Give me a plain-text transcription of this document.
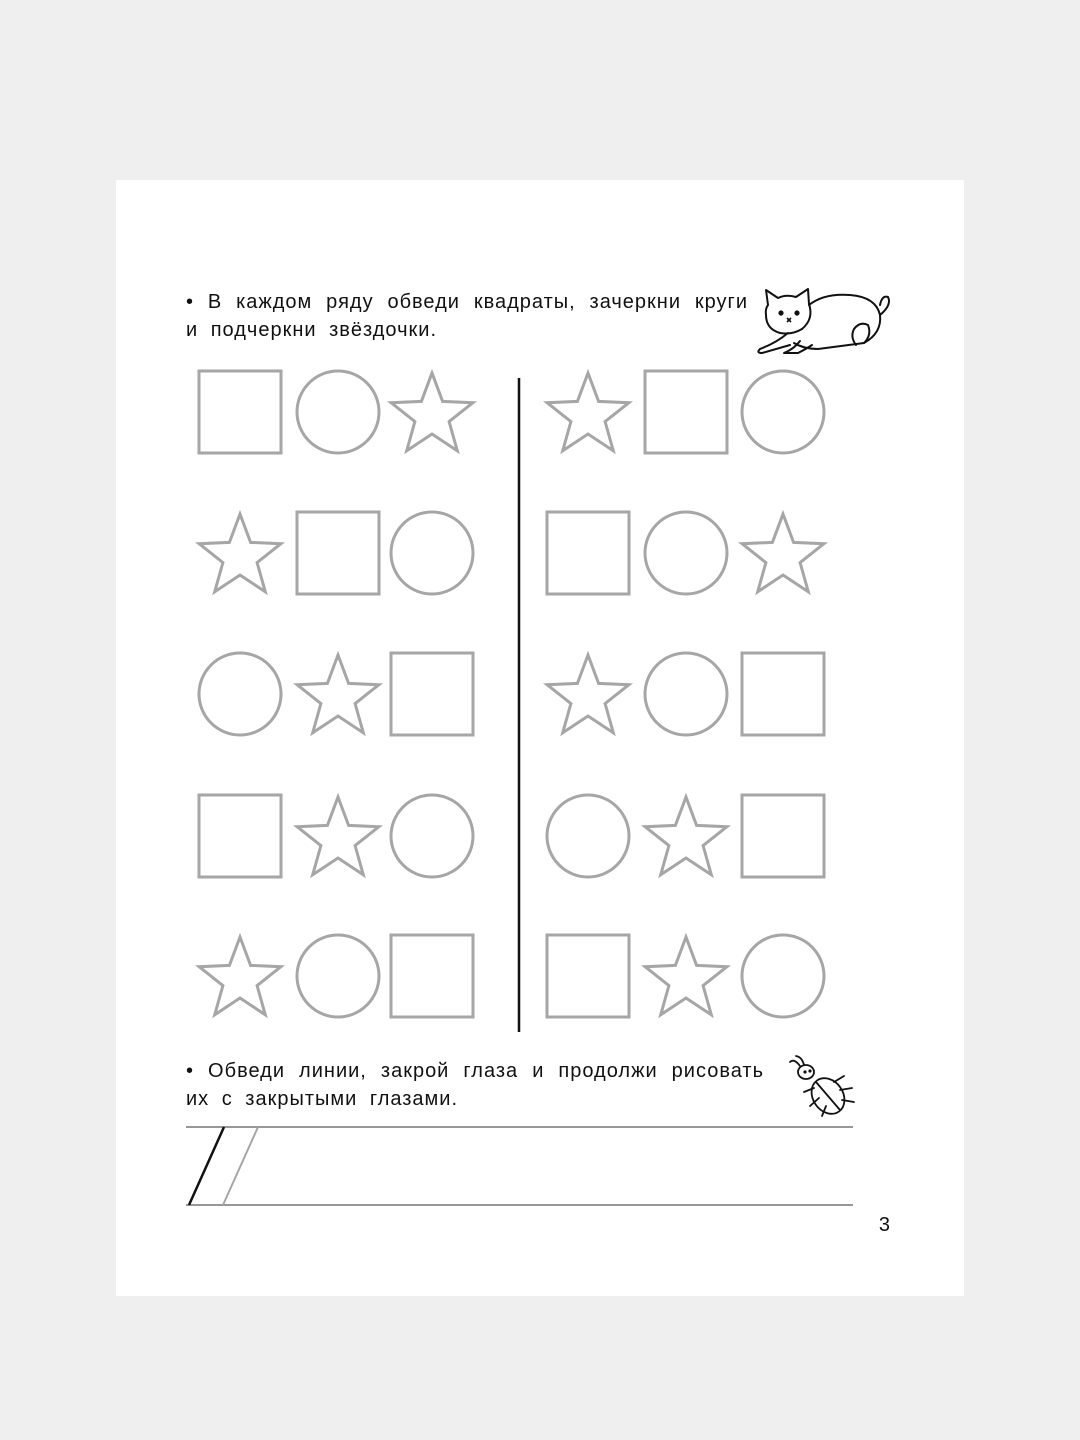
• В каждом ряду обведи квадраты, зачеркни круги и подчеркни звёздочки.

• Обведи линии, закрой глаза и продолжи рисовать их с закрытыми глазами.

3
